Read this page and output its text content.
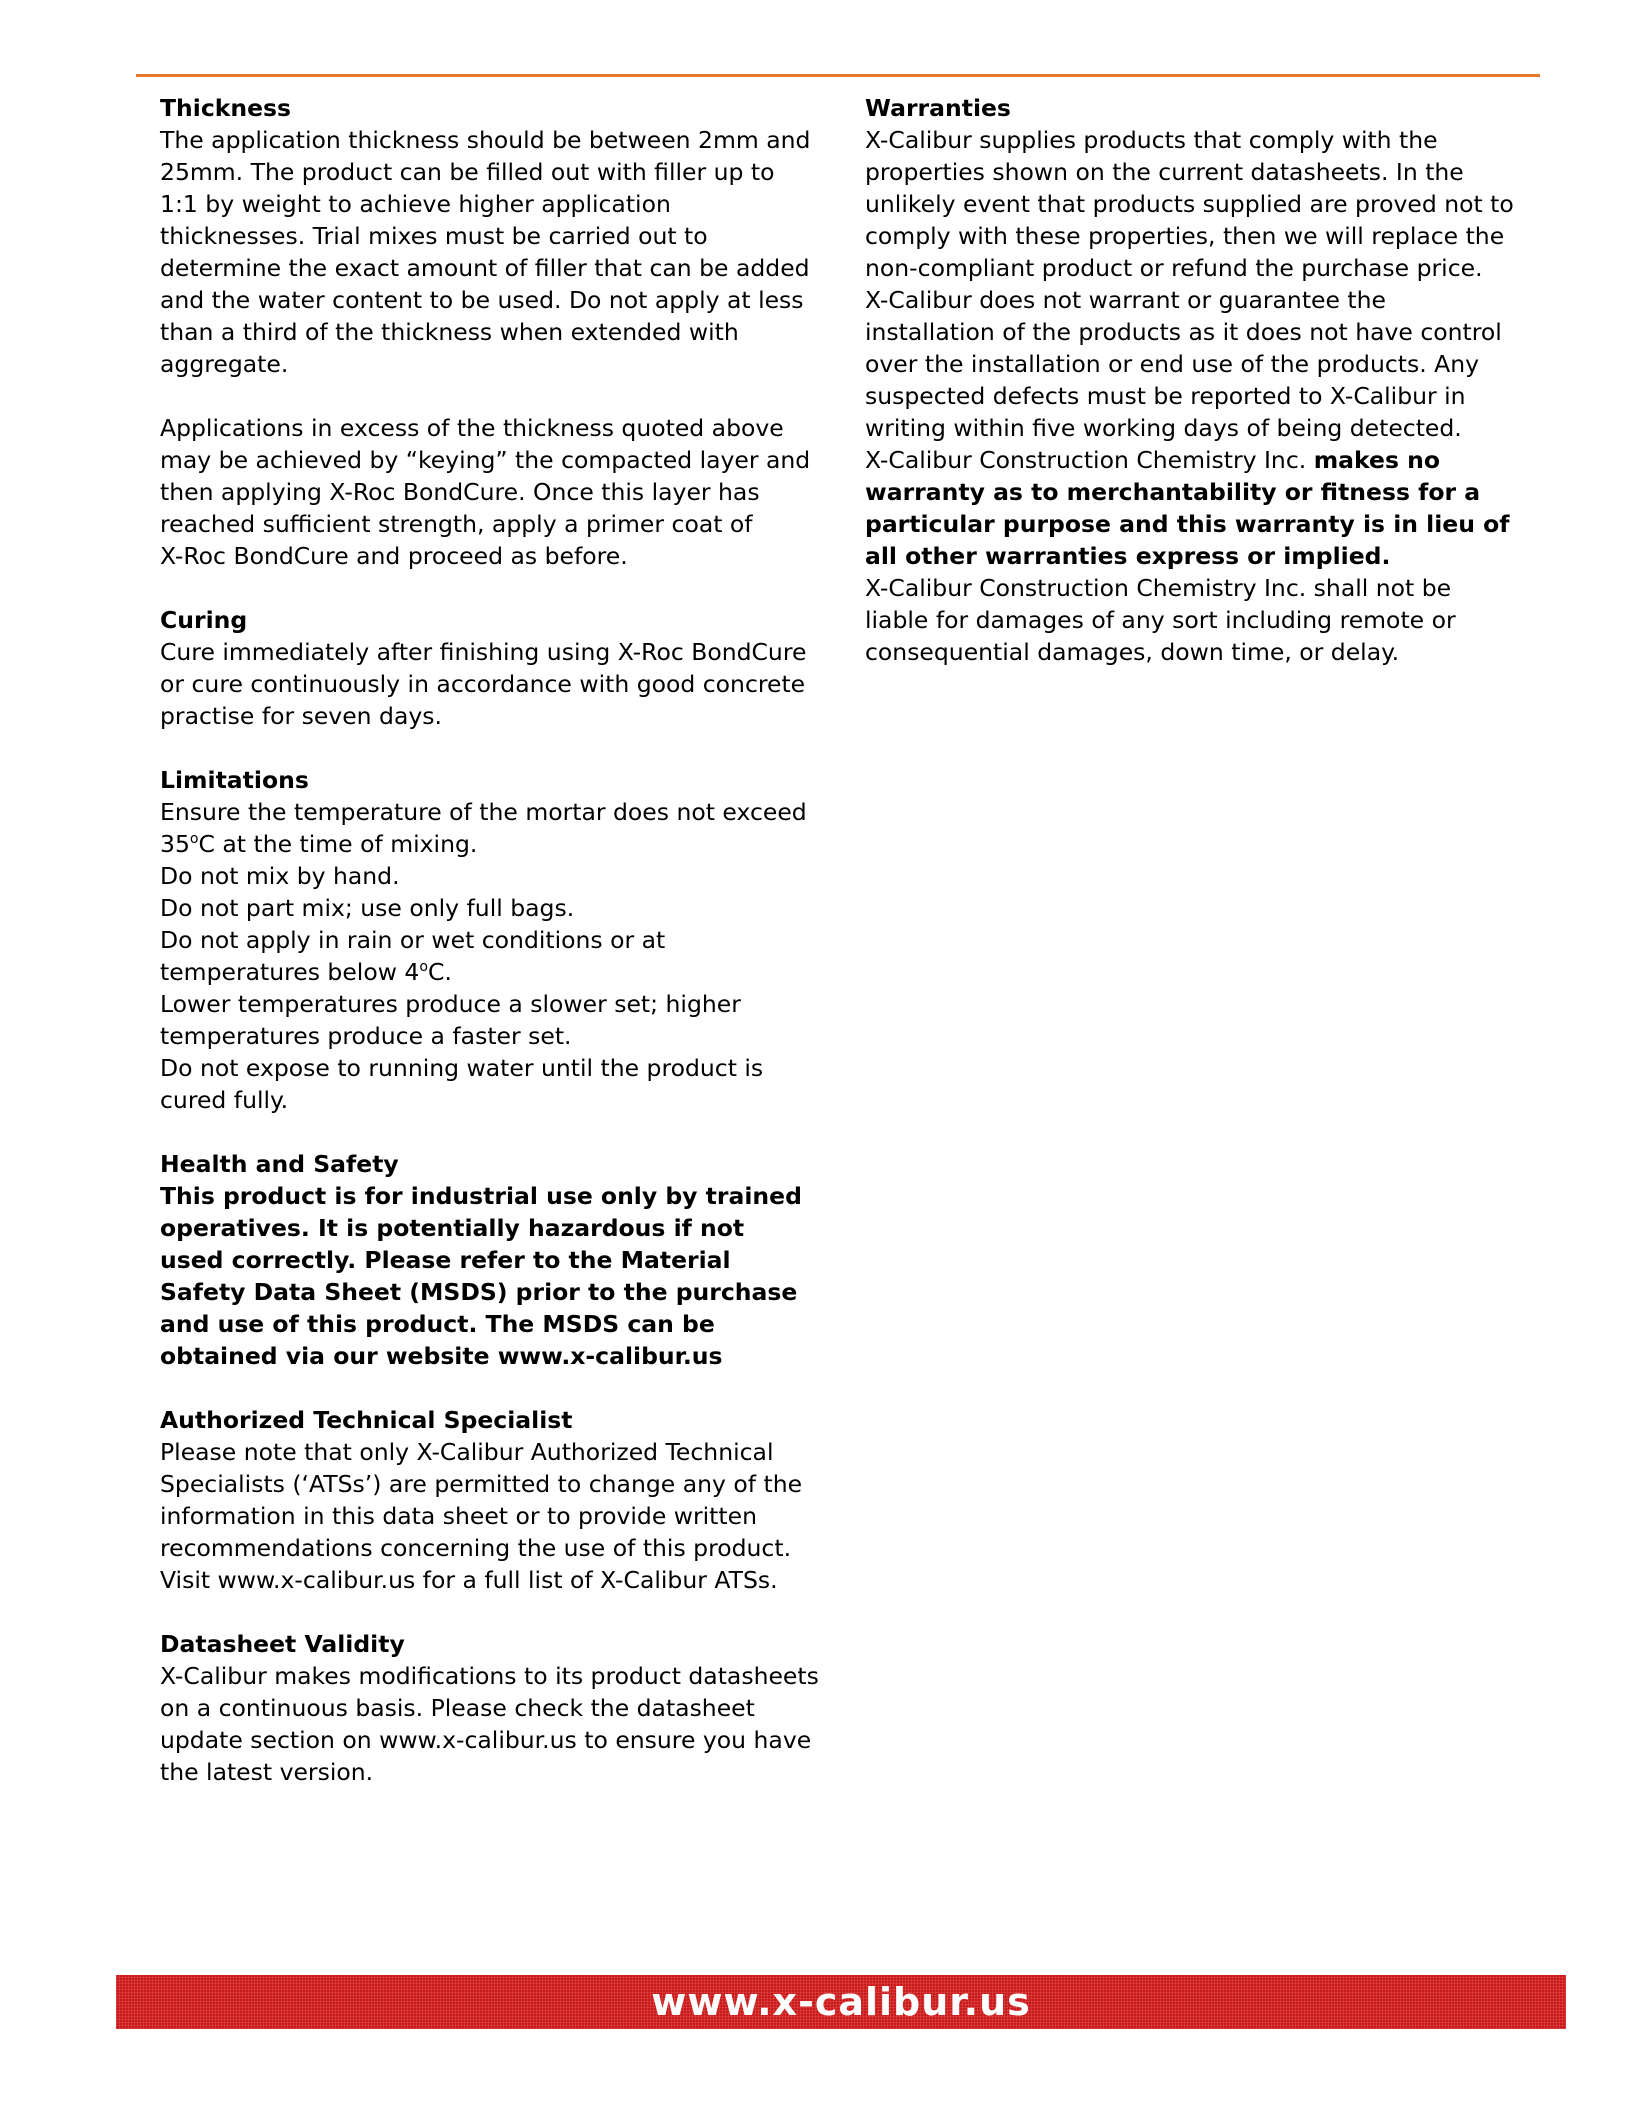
Thickness
The application thickness should be between 2mm and
25mm. The product can be filled out with filler up to
1:1 by weight to achieve higher application
thicknesses. Trial mixes must be carried out to
determine the exact amount of filler that can be added
and the water content to be used. Do not apply at less
than a third of the thickness when extended with
aggregate.
Applications in excess of the thickness quoted above
may be achieved by “keying” the compacted layer and
then applying X-Roc BondCure. Once this layer has
reached sufficient strength, apply a primer coat of
X-Roc BondCure and proceed as before.
Curing
Cure immediately after finishing using X-Roc BondCure
or cure continuously in accordance with good concrete
practise for seven days.
Limitations
Ensure the temperature of the mortar does not exceed
35$^o$C at the time of mixing.
Do not mix by hand.
Do not part mix; use only full bags.
Do not apply in rain or wet conditions or at
temperatures below 4$^o$C.
Lower temperatures produce a slower set; higher
temperatures produce a faster set.
Do not expose to running water until the product is
cured fully.
Health and Safety
This product is for industrial use only by trained
operatives. It is potentially hazardous if not
used correctly. Please refer to the Material
Safety Data Sheet (MSDS) prior to the purchase
and use of this product. The MSDS can be
obtained via our website www.x-calibur.us
Authorized Technical Specialist
Please note that only X-Calibur Authorized Technical
Specialists (‘ATSs’) are permitted to change any of the
information in this data sheet or to provide written
recommendations concerning the use of this product.
Visit www.x-calibur.us for a full list of X-Calibur ATSs.
Datasheet Validity
X-Calibur makes modifications to its product datasheets
on a continuous basis. Please check the datasheet
update section on www.x-calibur.us to ensure you have
the latest version.
Warranties
X-Calibur supplies products that comply with the
properties shown on the current datasheets. In the
unlikely event that products supplied are proved not to
comply with these properties, then we will replace the
non-compliant product or refund the purchase price.
X-Calibur does not warrant or guarantee the
installation of the products as it does not have control
over the installation or end use of the products. Any
suspected defects must be reported to X-Calibur in
writing within five working days of being detected.
X-Calibur Construction Chemistry Inc. makes no
warranty as to merchantability or fitness for a
particular purpose and this warranty is in lieu of
all other warranties express or implied.
X-Calibur Construction Chemistry Inc. shall not be
liable for damages of any sort including remote or
consequential damages, down time, or delay.
www.x-calibur.us
